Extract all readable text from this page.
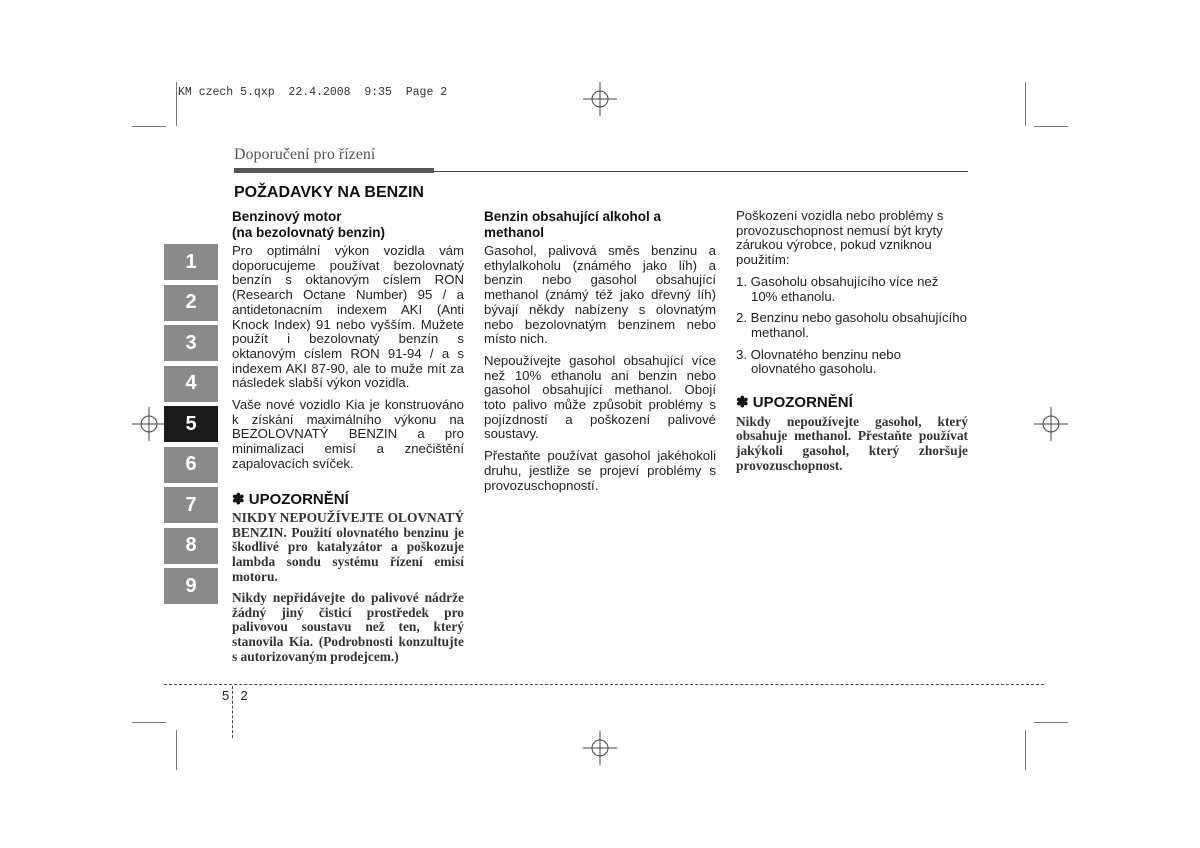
KM czech 5.qxp  22.4.2008  9:35  Page 2
Doporučení pro řízení
POŽADAVKY NA BENZIN
1
2
3
4
5
6
7
8
9
Benzinový motor
(na bezolovnatý benzin)

Pro optimální výkon vozidla vám doporucujeme používat bezolovnatý benzín s oktanovým císlem RON (Research Octane Number) 95 / a antidetonacním indexem AKI (Anti Knock Index) 91 nebo vyšším. Mužete použít i bezolovnatý benzín s oktanovým císlem RON 91-94 / a s indexem AKI 87-90, ale to muže mít za následek slabší výkon vozidla.

Vaše nové vozidlo Kia je konstruováno k získání maximálního výkonu na BEZOLOVNATÝ BENZIN a pro minimalizaci emisí a znečištění zapalovacích svíček.

✽ UPOZORNĚNÍ

NIKDY NEPOUŽÍVEJTE OLOVNATÝ BENZIN. Použití olovnatého benzinu je škodlivé pro katalyzátor a poškozuje lambda sondu systému řízení emisí motoru.

Nikdy nepřidávejte do palivové nádrže žádný jiný čisticí prostředek pro palivovou soustavu než ten, který stanovila Kia. (Podrobnosti konzultujte s autorizovaným prodejcem.)

Benzin obsahující alkohol a methanol

Gasohol, palivová směs benzinu a ethylalkoholu (známého jako líh) a benzin nebo gasohol obsahující methanol (známý též jako dřevný líh) bývají někdy nabízeny s olovnatým nebo bezolovnatým benzinem nebo místo nich.

Nepoužívejte gasohol obsahující více než 10% ethanolu ani benzin nebo gasohol obsahující methanol. Obojí toto palivo může způsobit problémy s pojízdností a poškození palivové soustavy.

Přestaňte používat gasohol jakéhokoli druhu, jestliže se projeví problémy s provozuschopností.

Poškození vozidla nebo problémy s provozuschopnost nemusí být kryty zárukou výrobce, pokud vzniknou použitím:

1. Gasoholu obsahujícího více než 10% ethanolu.

2. Benzinu nebo gasoholu obsahujícího methanol.

3. Olovnatého benzinu nebo olovnatého gasoholu.

✽ UPOZORNĚNÍ

Nikdy nepoužívejte gasohol, který obsahuje methanol. Přestaňte používat jakýkoli gasohol, který zhoršuje provozuschopnost.

5 2
